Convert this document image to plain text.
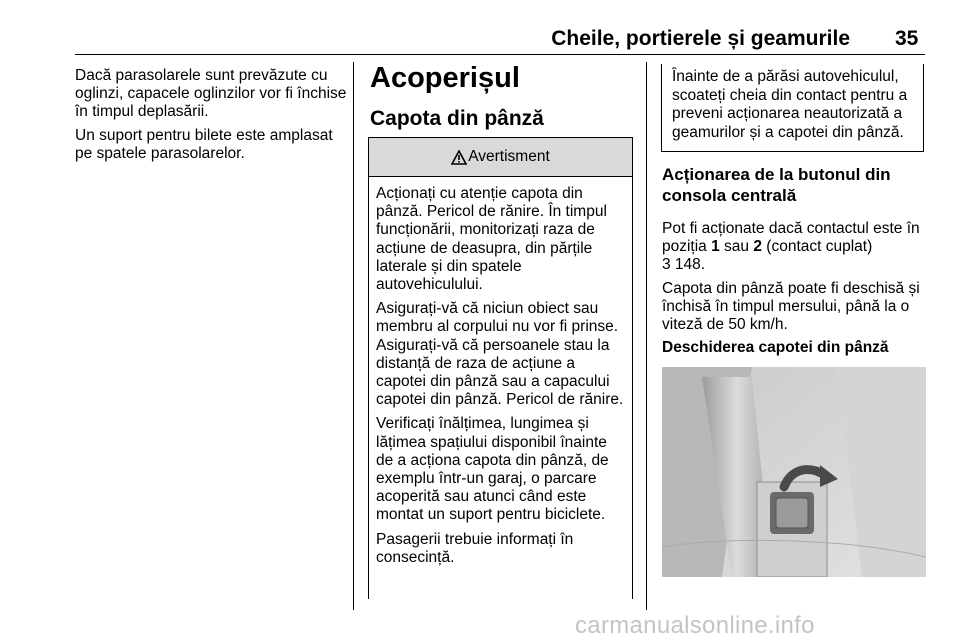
Cheile, portierele și geamurile 35

Dacă parasolarele sunt prevăzute cu oglinzi, capacele oglinzilor vor fi închise în timpul deplasării.

Un suport pentru bilete este amplasat pe spatele parasolarelor.

Acoperișul
Capota din pânză
Avertisment

Acționați cu atenție capota din pânză. Pericol de rănire. În timpul funcționării, monitorizați raza de acțiune de deasupra, din părțile laterale și din spatele autovehiculului.

Asigurați-vă că niciun obiect sau membru al corpului nu vor fi prinse. Asigurați-vă că persoanele stau la distanță de raza de acțiune a capotei din pânză sau a capacului capotei din pânză. Pericol de rănire.

Verificați înălțimea, lungimea și lățimea spațiului disponibil înainte de a acționa capota din pânză, de exemplu într-un garaj, o parcare acoperită sau atunci când este montat un suport pentru biciclete.

Pasagerii trebuie informați în consecință.

Înainte de a părăsi autovehiculul, scoateți cheia din contact pentru a preveni acționarea neautorizată a geamurilor și a capotei din pânză.
Acționarea de la butonul din consola centrală

Pot fi acționate dacă contactul este în poziția 1 sau 2 (contact cuplat)
3 148.

Capota din pânză poate fi deschisă și închisă în timpul mersului, până la o viteză de 50 km/h.

Deschiderea capotei din pânză
carmanualsonline.info
